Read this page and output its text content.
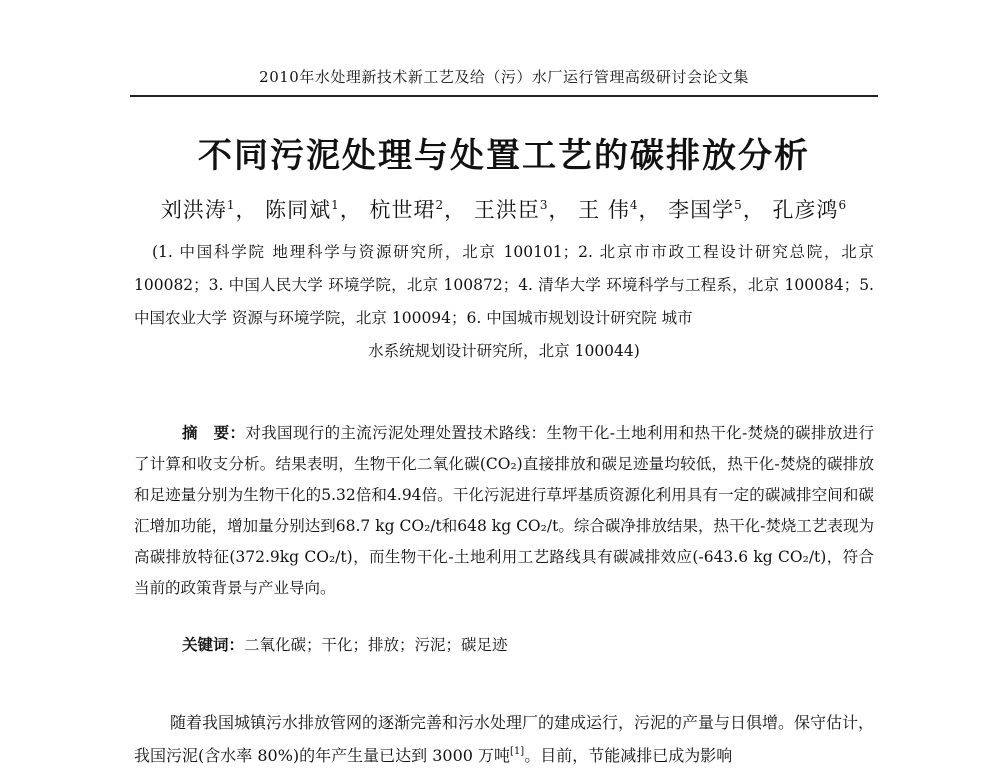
2010年水处理新技术新工艺及给（污）水厂运行管理高级研讨会论文集
不同污泥处理与处置工艺的碳排放分析
刘洪涛$^1$， 陈同斌$^1$， 杭世珺$^2$， 王洪臣$^3$， 王 伟$^4$， 李国学$^5$， 孔彦鸿$^6$
(1. 中国科学院 地理科学与资源研究所，北京 100101；2. 北京市市政工程设计研究总院，北京 100082；3. 中国人民大学 环境学院，北京 100872；4. 清华大学 环境科学与工程系，北京 100084；5. 中国农业大学 资源与环境学院，北京 100094；6. 中国城市规划设计研究院 城市
水系统规划设计研究所，北京 100044)
摘　要：对我国现行的主流污泥处理处置技术路线：生物干化-土地利用和热干化-焚烧的碳排放进行了计算和收支分析。结果表明，生物干化二氧化碳(CO₂)直接排放和碳足迹量均较低，热干化-焚烧的碳排放和足迹量分别为生物干化的5.32倍和4.94倍。干化污泥进行草坪基质资源化利用具有一定的碳减排空间和碳汇增加功能，增加量分别达到68.7 kg CO₂/t和648 kg CO₂/t。综合碳净排放结果，热干化-焚烧工艺表现为高碳排放特征(372.9kg CO₂/t)，而生物干化-土地利用工艺路线具有碳减排效应(-643.6 kg CO₂/t)，符合当前的政策背景与产业导向。
关键词：二氧化碳；干化；排放；污泥；碳足迹
随着我国城镇污水排放管网的逐渐完善和污水处理厂的建成运行，污泥的产量与日俱增。保守估计，我国污泥(含水率 80%)的年产生量已达到 3000 万吨[1]。目前，节能减排已成为影响
